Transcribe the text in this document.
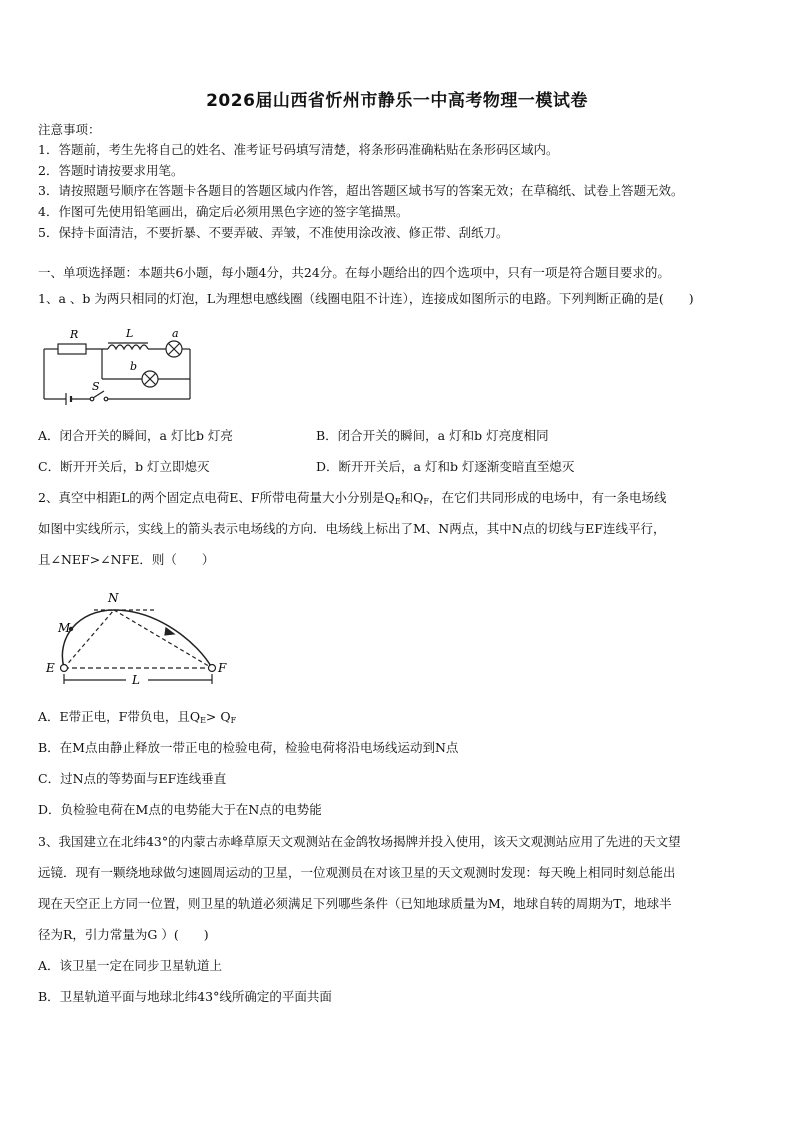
2026届山西省忻州市静乐一中高考物理一模试卷
注意事项：
1．答题前，考生先将自己的姓名、准考证号码填写清楚，将条形码准确粘贴在条形码区域内。
2．答题时请按要求用笔。
3．请按照题号顺序在答题卡各题目的答题区域内作答，超出答题区域书写的答案无效；在草稿纸、试卷上答题无效。
4．作图可先使用铅笔画出，确定后必须用黑色字迹的签字笔描黑。
5．保持卡面清洁，不要折暴、不要弄破、弄皱，不准使用涂改液、修正带、刮纸刀。
一、单项选择题：本题共6小题，每小题4分，共24分。在每小题给出的四个选项中，只有一项是符合题目要求的。
1、a 、b 为两只相同的灯泡，L为理想电感线圈（线圈电阻不计连），连接成如图所示的电路。下列判断正确的是(　　)
R	L	a
b
S
A．闭合开关的瞬间，a 灯比b 灯亮	B．闭合开关的瞬间，a 灯和b 灯亮度相同
C．断开开关后，b 灯立即熄灭	D．断开开关后，a 灯和b 灯逐渐变暗直至熄灭
2、真空中相距L的两个固定点电荷E、F所带电荷量大小分别是$Q_E$和$Q_F$，在它们共同形成的电场中，有一条电场线
如图中实线所示，实线上的箭头表示电场线的方向．电场线上标出了M、N两点，其中N点的切线与EF连线平行，
且∠NEF>∠NFE．则（　　）
N
M
E	F
L
A．E带正电，F带负电，且$Q_E> Q_F$
B．在M点由静止释放一带正电的检验电荷，检验电荷将沿电场线运动到N点
C．过N点的等势面与EF连线垂直
D．负检验电荷在M点的电势能大于在N点的电势能
3、我国建立在北纬43°的内蒙古赤峰草原天文观测站在金鸽牧场揭牌并投入使用，该天文观测站应用了先进的天文望
远镜．现有一颗绕地球做匀速圆周运动的卫星，一位观测员在对该卫星的天文观测时发现：每天晚上相同时刻总能出
现在天空正上方同一位置，则卫星的轨道必须满足下列哪些条件（已知地球质量为M，地球自转的周期为T，地球半
径为R，引力常量为G ）(　　)
A．该卫星一定在同步卫星轨道上
B．卫星轨道平面与地球北纬43°线所确定的平面共面
